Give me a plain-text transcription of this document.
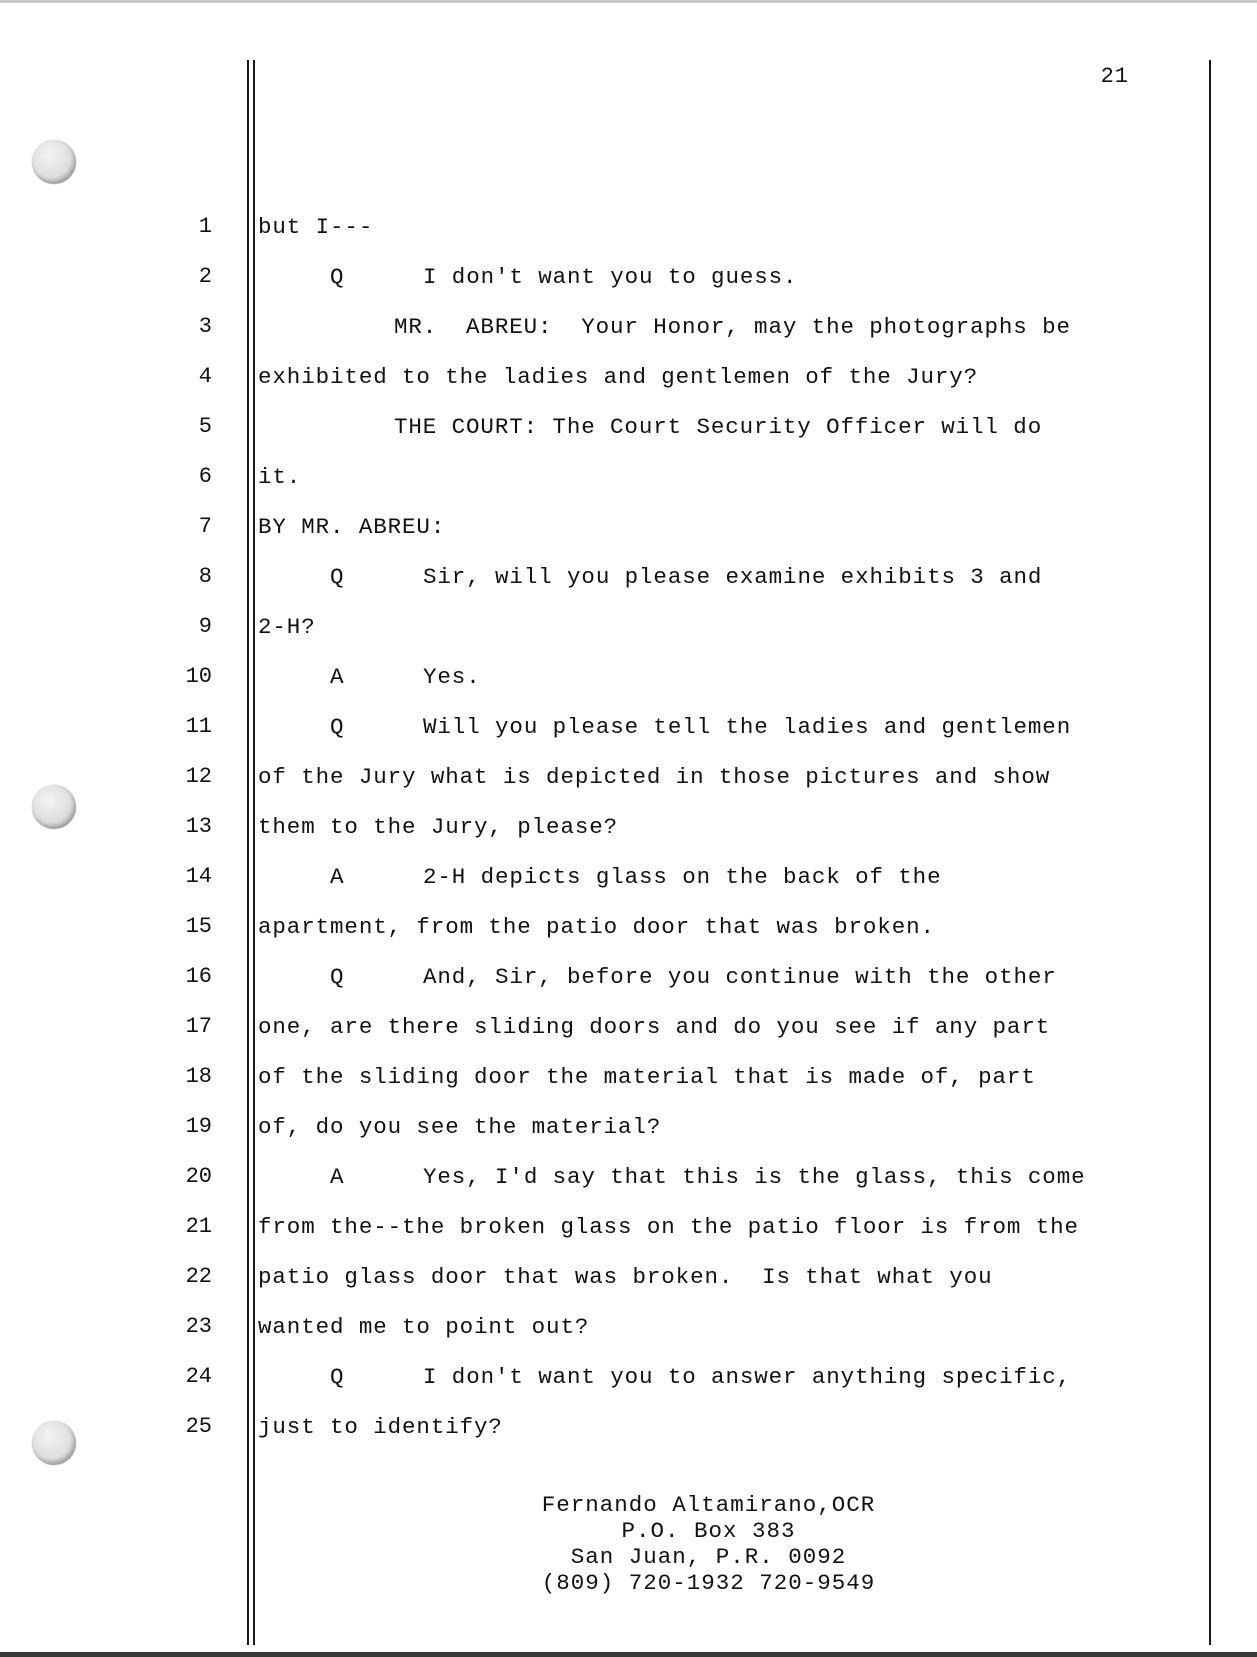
21
1 but I---
2	Q	I don't want you to guess.
3	MR.  ABREU:  Your Honor, may the photographs be
4 exhibited to the ladies and gentlemen of the Jury?
5	THE COURT: The Court Security Officer will do
6 it.
7 BY MR. ABREU:
8	Q	Sir, will you please examine exhibits 3 and
9 2-H?
10	A	Yes.
11	Q	Will you please tell the ladies and gentlemen
12 of the Jury what is depicted in those pictures and show
13 them to the Jury, please?
14	A	2-H depicts glass on the back of the
15 apartment, from the patio door that was broken.
16	Q	And, Sir, before you continue with the other
17 one, are there sliding doors and do you see if any part
18 of the sliding door the material that is made of, part
19 of, do you see the material?
20	A	Yes, I'd say that this is the glass, this come
21 from the--the broken glass on the patio floor is from the
22 patio glass door that was broken.  Is that what you
23 wanted me to point out?
24	Q	I don't want you to answer anything specific,
25 just to identify?
Fernando Altamirano,OCR
P.O. Box 383
San Juan, P.R. 0092
(809) 720-1932 720-9549
